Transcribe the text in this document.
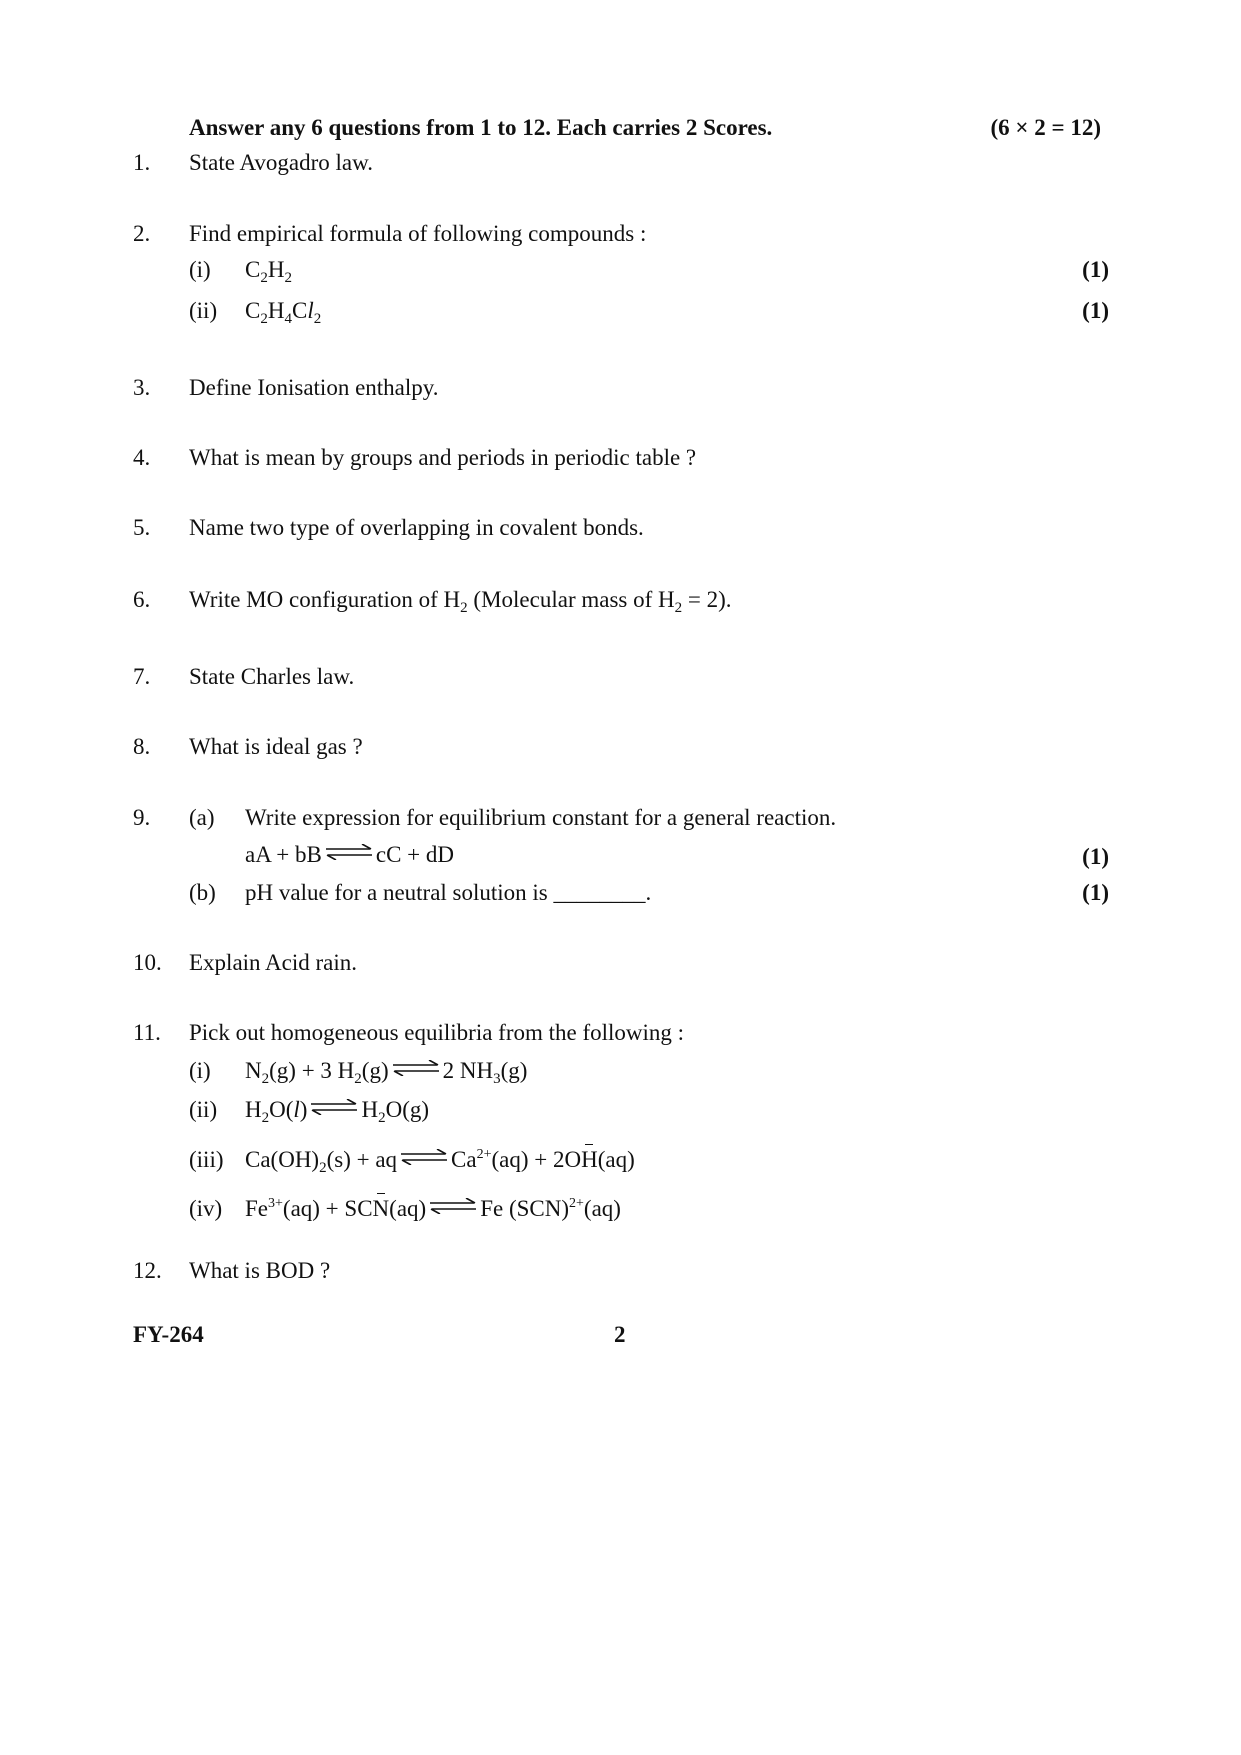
Answer any 6 questions from 1 to 12. Each carries 2 Scores.	(6 × 2 = 12)
1. State Avogadro law.
2. Find empirical formula of following compounds :
(i) $C_2H_2$	(1)
(ii) $C_2H_4Cl_2$	(1)
3. Define Ionisation enthalpy.
4. What is mean by groups and periods in periodic table ?
5. Name two type of overlapping in covalent bonds.
6. Write MO configuration of $H_2$ (Molecular mass of $H_2 = 2$).
7. State Charles law.
8. What is ideal gas ?
9. (a) Write expression for equilibrium constant for a general reaction.
aA + bB cC + dD	(1)
(b) pH value for a neutral solution is ________.	(1)
10. Explain Acid rain.
11. Pick out homogeneous equilibria from the following :
(i) $N_2(g) + 3$ $H_2(g)$ 2 $NH_3(g)$
(ii) $H_2O(l)$ $H_2O(g)$
(iii) $Ca(OH)_2(s)$ + aq $Ca^{2+}(aq) + 2OH(aq)$
(iv) $Fe^{3+}(aq) + SCN(aq)$ Fe (SCN)$^{2+}$(aq)
12. What is BOD ?
FY-264	2
